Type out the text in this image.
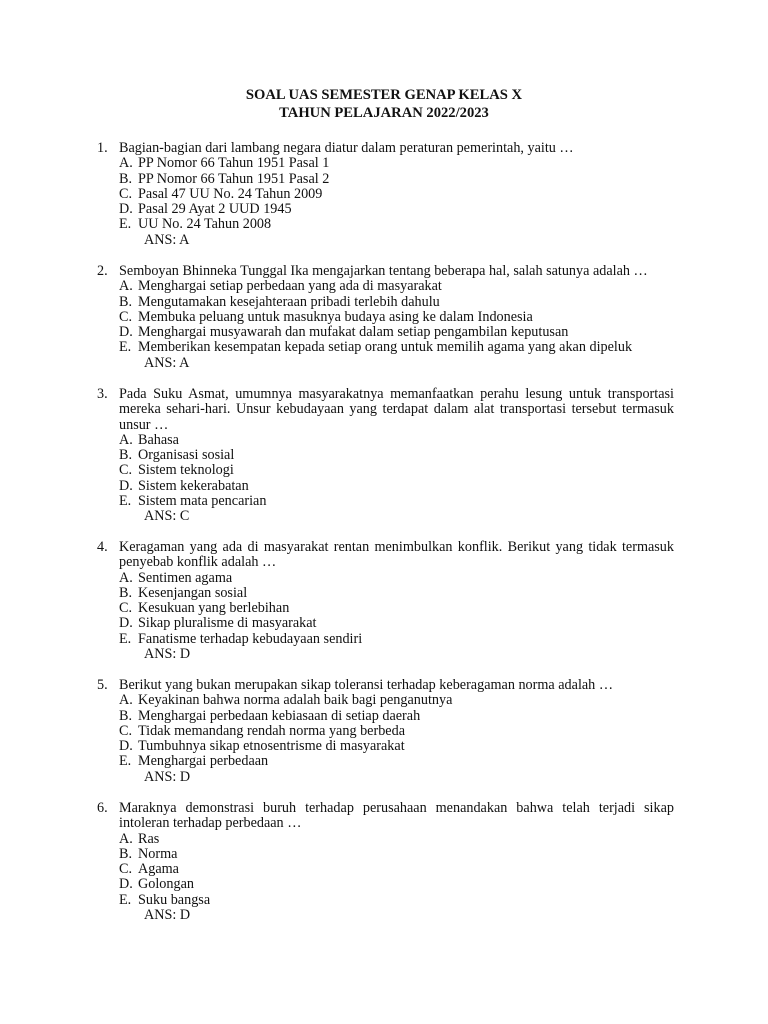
SOAL UAS SEMESTER GENAP KELAS X
TAHUN PELAJARAN 2022/2023
1. Bagian-bagian dari lambang negara diatur dalam peraturan pemerintah, yaitu …
A. PP Nomor 66 Tahun 1951 Pasal 1
B. PP Nomor 66 Tahun 1951 Pasal 2
C. Pasal 47 UU No. 24 Tahun 2009
D. Pasal 29 Ayat 2 UUD 1945
E. UU No. 24 Tahun 2008
ANS: A
2. Semboyan Bhinneka Tunggal Ika mengajarkan tentang beberapa hal, salah satunya adalah …
A. Menghargai setiap perbedaan yang ada di masyarakat
B. Mengutamakan kesejahteraan pribadi terlebih dahulu
C. Membuka peluang untuk masuknya budaya asing ke dalam Indonesia
D. Menghargai musyawarah dan mufakat dalam setiap pengambilan keputusan
E. Memberikan kesempatan kepada setiap orang untuk memilih agama yang akan dipeluk
ANS: A
3. Pada Suku Asmat, umumnya masyarakatnya memanfaatkan perahu lesung untuk transportasi mereka sehari-hari. Unsur kebudayaan yang terdapat dalam alat transportasi tersebut termasuk unsur …
A. Bahasa
B. Organisasi sosial
C. Sistem teknologi
D. Sistem kekerabatan
E. Sistem mata pencarian
ANS: C
4. Keragaman yang ada di masyarakat rentan menimbulkan konflik. Berikut yang tidak termasuk penyebab konflik adalah …
A. Sentimen agama
B. Kesenjangan sosial
C. Kesukuan yang berlebihan
D. Sikap pluralisme di masyarakat
E. Fanatisme terhadap kebudayaan sendiri
ANS: D
5. Berikut yang bukan merupakan sikap toleransi terhadap keberagaman norma adalah …
A. Keyakinan bahwa norma adalah baik bagi penganutnya
B. Menghargai perbedaan kebiasaan di setiap daerah
C. Tidak memandang rendah norma yang berbeda
D. Tumbuhnya sikap etnosentrisme di masyarakat
E. Menghargai perbedaan
ANS: D
6. Maraknya demonstrasi buruh terhadap perusahaan menandakan bahwa telah terjadi sikap intoleran terhadap perbedaan …
A. Ras
B. Norma
C. Agama
D. Golongan
E. Suku bangsa
ANS: D
